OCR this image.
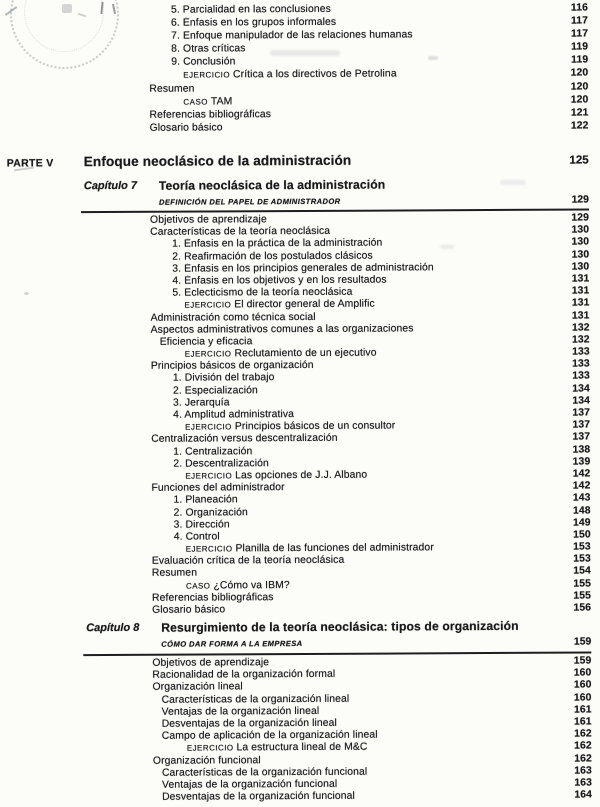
5. Parcialidad en las conclusiones	116
6. Énfasis en los grupos informales	117
7. Enfoque manipulador de las relaciones humanas	117
8. Otras críticas	119
9. Conclusión	119
EJERCICIO Crítica a los directivos de Petrolina	120
Resumen	120
CASO TAM	120
Referencias bibliográficas	121
Glosario básico	122
PARTE V	Enfoque neoclásico de la administración	125
Capítulo 7	Teoría neoclásica de la administración
DEFINICIÓN DEL PAPEL DE ADMINISTRADOR	129
Objetivos de aprendizaje	129
Características de la teoría neoclásica	130
1. Énfasis en la práctica de la administración	130
2. Reafirmación de los postulados clásicos	130
3. Énfasis en los principios generales de administración	130
4. Énfasis en los objetivos y en los resultados	131
5. Eclecticismo de la teoría neoclásica	131
EJERCICIO El director general de Amplific	131
Administración como técnica social	131
Aspectos administrativos comunes a las organizaciones	132
Eficiencia y eficacia	132
EJERCICIO Reclutamiento de un ejecutivo	133
Principios básicos de organización	133
1. División del trabajo	133
2. Especialización	134
3. Jerarquía	134
4. Amplitud administrativa	137
EJERCICIO Principios básicos de un consultor	137
Centralización versus descentralización	137
1. Centralización	138
2. Descentralización	139
EJERCICIO Las opciones de J.J. Albano	142
Funciones del administrador	142
1. Planeación	143
2. Organización	148
3. Dirección	149
4. Control	150
EJERCICIO Planilla de las funciones del administrador	153
Evaluación crítica de la teoría neoclásica	153
Resumen	154
CASO ¿Cómo va IBM?	155
Referencias bibliográficas	155
Glosario básico	156
Capítulo 8	Resurgimiento de la teoría neoclásica: tipos de organización
CÓMO DAR FORMA A LA EMPRESA	159
Objetivos de aprendizaje	159
Racionalidad de la organización formal	160
Organización lineal	160
Características de la organización lineal	160
Ventajas de la organización lineal	161
Desventajas de la organización lineal	161
Campo de aplicación de la organización lineal	162
EJERCICIO La estructura lineal de M&C	162
Organización funcional	162
Características de la organización funcional	163
Ventajas de la organización funcional	163
Desventajas de la organización funcional	164
